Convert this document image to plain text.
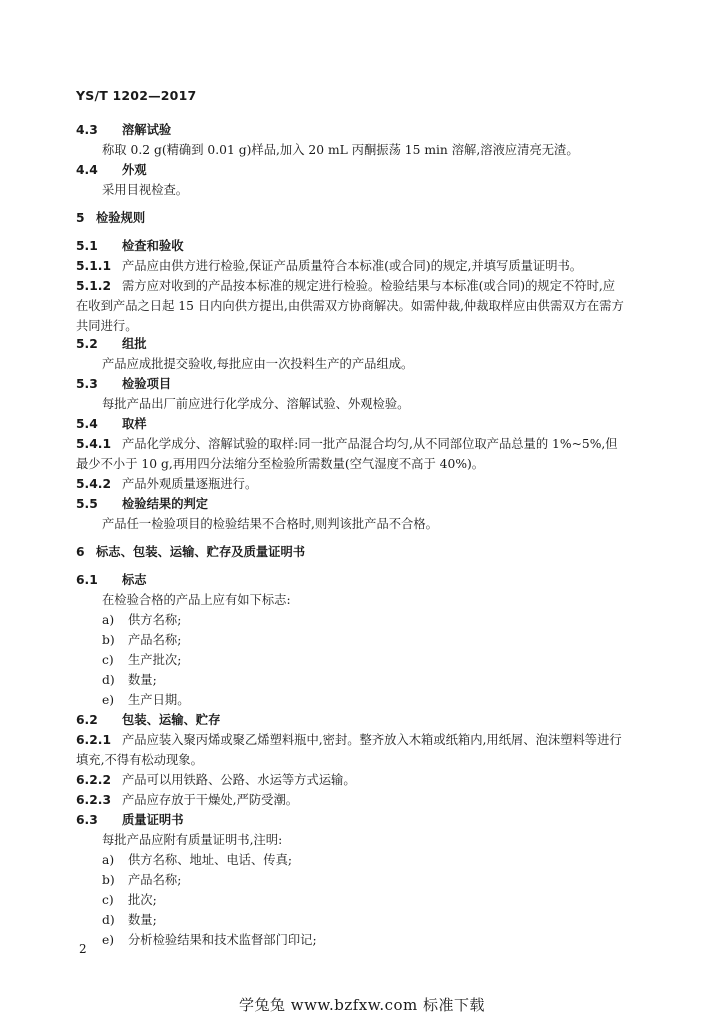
YS/T 1202—2017
4.3 溶解试验
称取 0.2 g(精确到 0.01 g)样品,加入 20 mL 丙酮振荡 15 min 溶解,溶液应清亮无渣。
4.4 外观
采用目视检查。
5 检验规则
5.1 检查和验收
5.1.1 产品应由供方进行检验,保证产品质量符合本标准(或合同)的规定,并填写质量证明书。
5.1.2 需方应对收到的产品按本标准的规定进行检验。检验结果与本标准(或合同)的规定不符时,应
在收到产品之日起 15 日内向供方提出,由供需双方协商解决。如需仲裁,仲裁取样应由供需双方在需方
共同进行。
5.2 组批
产品应成批提交验收,每批应由一次投料生产的产品组成。
5.3 检验项目
每批产品出厂前应进行化学成分、溶解试验、外观检验。
5.4 取样
5.4.1 产品化学成分、溶解试验的取样:同一批产品混合均匀,从不同部位取产品总量的 1%~5%,但
最少不小于 10 g,再用四分法缩分至检验所需数量(空气湿度不高于 40%)。
5.4.2 产品外观质量逐瓶进行。
5.5 检验结果的判定
产品任一检验项目的检验结果不合格时,则判该批产品不合格。
6 标志、包装、运输、贮存及质量证明书
6.1 标志
在检验合格的产品上应有如下标志:
a) 供方名称;
b) 产品名称;
c) 生产批次;
d) 数量;
e) 生产日期。
6.2 包装、运输、贮存
6.2.1 产品应装入聚丙烯或聚乙烯塑料瓶中,密封。整齐放入木箱或纸箱内,用纸屑、泡沫塑料等进行
填充,不得有松动现象。
6.2.2 产品可以用铁路、公路、水运等方式运输。
6.2.3 产品应存放于干燥处,严防受潮。
6.3 质量证明书
每批产品应附有质量证明书,注明:
a) 供方名称、地址、电话、传真;
b) 产品名称;
c) 批次;
d) 数量;
e) 分析检验结果和技术监督部门印记;
2
学兔兔 www.bzfxw.com 标准下载
